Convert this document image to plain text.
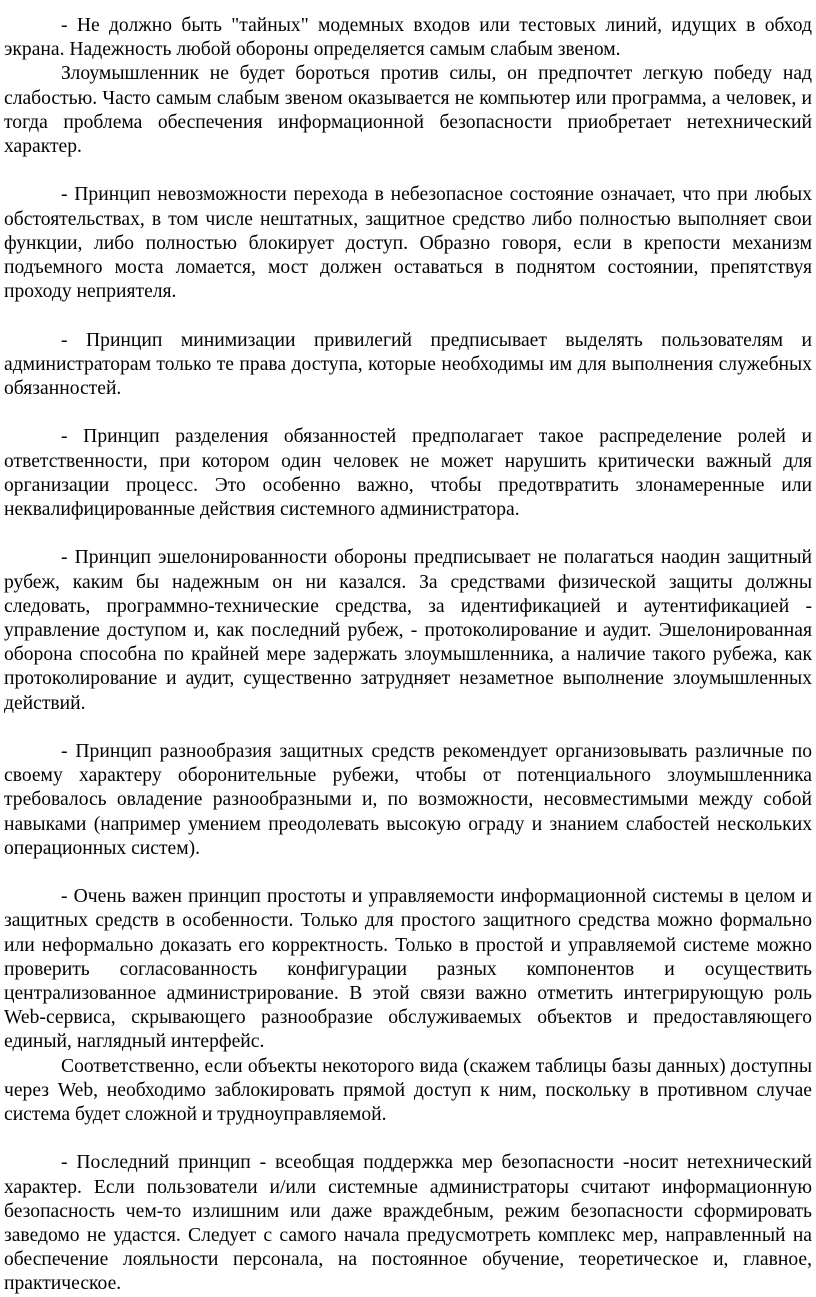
- Не должно быть "тайных" модемных входов или тестовых линий, идущих в обход экрана. Надежность любой обороны определяется самым слабым звеном.

Злоумышленник не будет бороться против силы, он предпочтет легкую победу над слабостью. Часто самым слабым звеном оказывается не компьютер или программа, а человек, и тогда проблема обеспечения информационной безопасности приобретает нетехнический характер.

- Принцип невозможности перехода в небезопасное состояние означает, что при любых обстоятельствах, в том числе нештатных, защитное средство либо полностью выполняет свои функции, либо полностью блокирует доступ. Образно говоря, если в крепости механизм подъемного моста ломается, мост должен оставаться в поднятом состоянии, препятствуя проходу неприятеля.

- Принцип минимизации привилегий предписывает выделять пользователям и администраторам только те права доступа, которые необходимы им для выполнения служебных обязанностей.

- Принцип разделения обязанностей предполагает такое распределение ролей и ответственности, при котором один человек не может нарушить критически важный для организации процесс. Это особенно важно, чтобы предотвратить злонамеренные или неквалифицированные действия системного администратора.

- Принцип эшелонированности обороны предписывает не полагаться наодин защитный рубеж, каким бы надежным он ни казался. За средствами физической защиты должны следовать, программно-технические средства, за идентификацией и аутентификацией - управление доступом и, как последний рубеж, - протоколирование и аудит. Эшелонированная оборона способна по крайней мере задержать злоумышленника, а наличие такого рубежа, как протоколирование и аудит, существенно затрудняет незаметное выполнение злоумышленных действий.

- Принцип разнообразия защитных средств рекомендует организовывать различные по своему характеру оборонительные рубежи, чтобы от потенциального злоумышленника требовалось овладение разнообразными и, по возможности, несовместимыми между собой навыками (например умением преодолевать высокую ограду и знанием слабостей нескольких операционных систем).

- Очень важен принцип простоты и управляемости информационной системы в целом и защитных средств в особенности. Только для простого защитного средства можно формально или неформально доказать его корректность. Только в простой и управляемой системе можно проверить согласованность конфигурации разных компонентов и осуществить централизованное администрирование. В этой связи важно отметить интегрирующую роль Web-сервиса, скрывающего разнообразие обслуживаемых объектов и предоставляющего единый, наглядный интерфейс.

Соответственно, если объекты некоторого вида (скажем таблицы базы данных) доступны через Web, необходимо заблокировать прямой доступ к ним, поскольку в противном случае система будет сложной и трудноуправляемой.

- Последний принцип - всеобщая поддержка мер безопасности -носит нетехнический характер. Если пользователи и/или системные администраторы считают информационную безопасность чем-то излишним или даже враждебным, режим безопасности сформировать заведомо не удастся. Следует с самого начала предусмотреть комплекс мер, направленный на обеспечение лояльности персонала, на постоянное обучение, теоретическое и, главное, практическое.
